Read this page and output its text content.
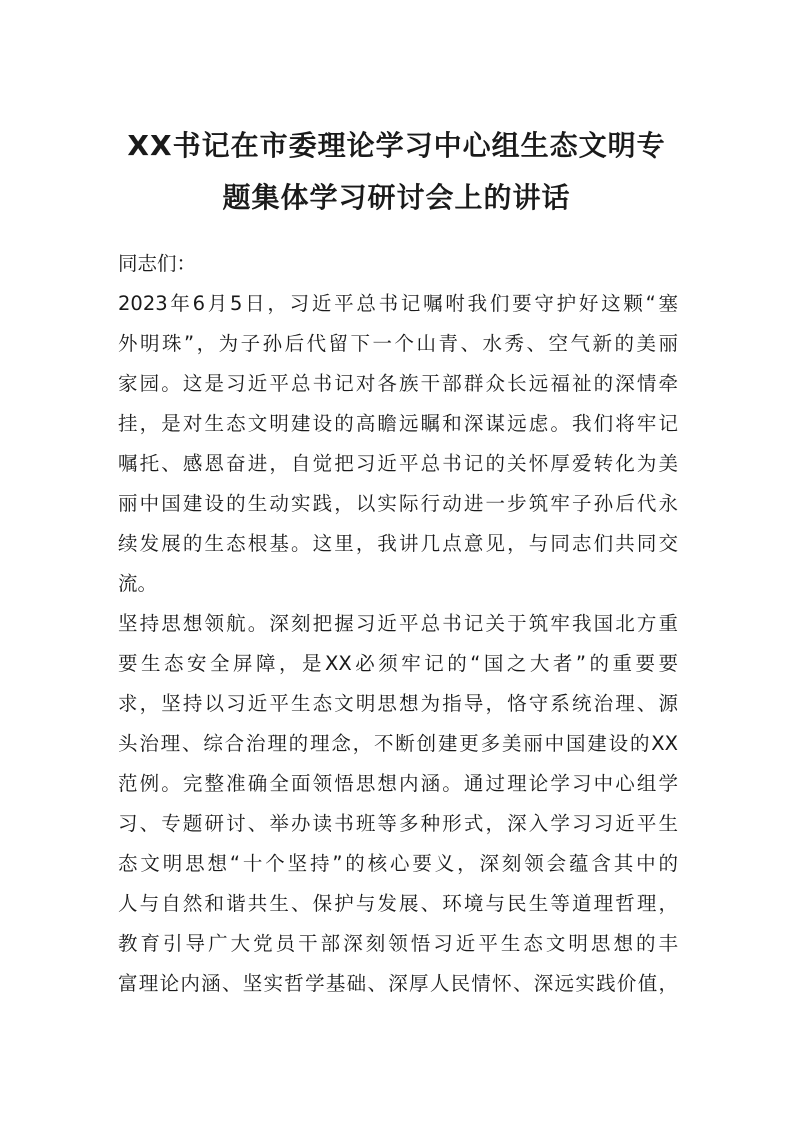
XX书记在市委理论学习中心组生态文明专
题集体学习研讨会上的讲话
同志们：
2023年6月5日，习近平总书记嘱咐我们要守护好这颗“塞
外明珠”，为子孙后代留下一个山青、水秀、空气新的美丽
家园。这是习近平总书记对各族干部群众长远福祉的深情牵
挂，是对生态文明建设的高瞻远瞩和深谋远虑。我们将牢记
嘱托、感恩奋进，自觉把习近平总书记的关怀厚爱转化为美
丽中国建设的生动实践，以实际行动进一步筑牢子孙后代永
续发展的生态根基。这里，我讲几点意见，与同志们共同交
流。
坚持思想领航。深刻把握习近平总书记关于筑牢我国北方重
要生态安全屏障，是XX必须牢记的“国之大者”的重要要
求，坚持以习近平生态文明思想为指导，恪守系统治理、源
头治理、综合治理的理念，不断创建更多美丽中国建设的XX
范例。完整准确全面领悟思想内涵。通过理论学习中心组学
习、专题研讨、举办读书班等多种形式，深入学习习近平生
态文明思想“十个坚持”的核心要义，深刻领会蕴含其中的
人与自然和谐共生、保护与发展、环境与民生等道理哲理，
教育引导广大党员干部深刻领悟习近平生态文明思想的丰
富理论内涵、坚实哲学基础、深厚人民情怀、深远实践价值，
